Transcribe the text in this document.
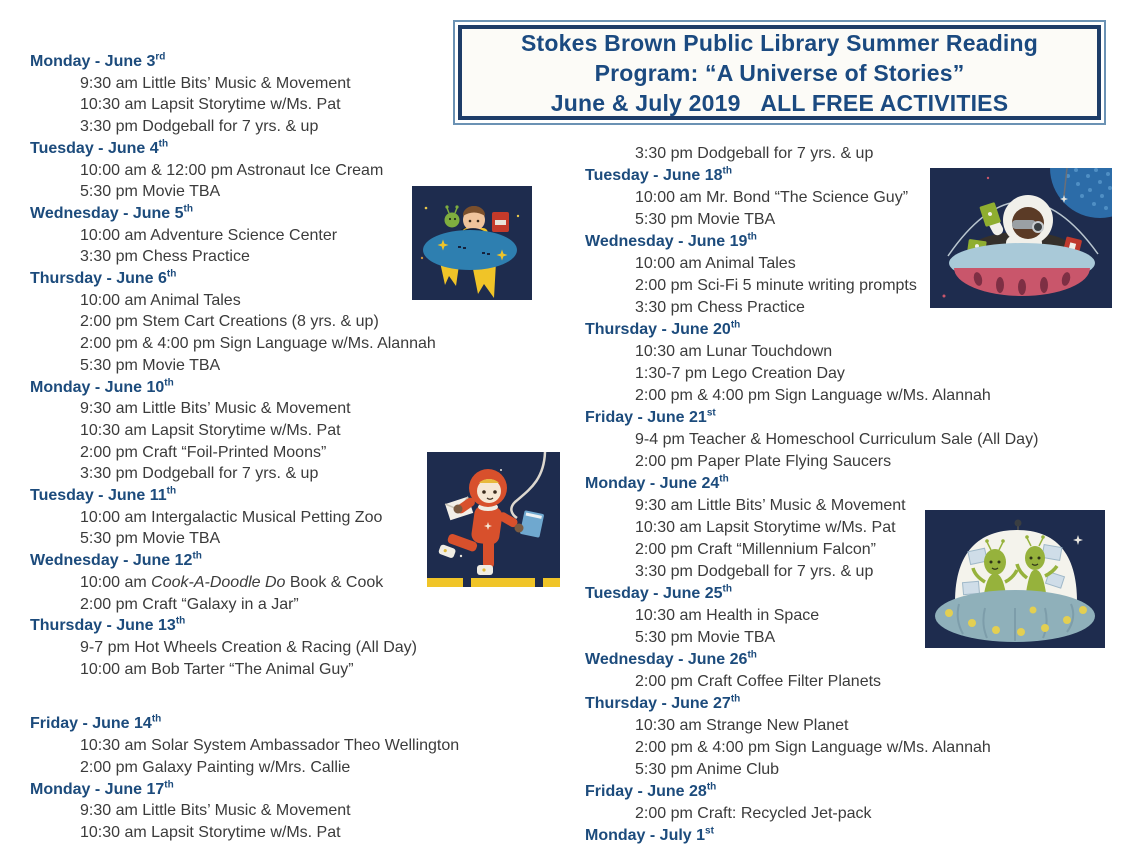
Stokes Brown Public Library Summer Reading
Program: “A Universe of Stories”
June & July 2019   ALL FREE ACTIVITIES
Monday - June 3rd
9:30 am Little Bits’ Music & Movement
10:30 am Lapsit Storytime w/Ms. Pat
3:30 pm Dodgeball for 7 yrs. & up
Tuesday - June 4th
10:00 am & 12:00 pm Astronaut Ice Cream
5:30 pm Movie TBA
Wednesday - June 5th
10:00 am Adventure Science Center
3:30 pm Chess Practice
Thursday - June 6th
10:00 am Animal Tales
2:00 pm Stem Cart Creations (8 yrs. & up)
2:00 pm & 4:00 pm Sign Language w/Ms. Alannah
5:30 pm Movie TBA
Monday - June 10th
9:30 am Little Bits’ Music & Movement
10:30 am Lapsit Storytime w/Ms. Pat
2:00 pm Craft “Foil-Printed Moons”
3:30 pm Dodgeball for 7 yrs. & up
Tuesday - June 11th
10:00 am Intergalactic Musical Petting Zoo
5:30 pm Movie TBA
Wednesday - June 12th
10:00 am Cook-A-Doodle Do Book & Cook
2:00 pm Craft “Galaxy in a Jar”
Thursday - June 13th
9-7 pm Hot Wheels Creation & Racing (All Day)
10:00 am Bob Tarter “The Animal Guy”
Friday - June 14th
10:30 am Solar System Ambassador Theo Wellington
2:00 pm Galaxy Painting w/Mrs. Callie
Monday - June 17th
9:30 am Little Bits’ Music & Movement
10:30 am Lapsit Storytime w/Ms. Pat
3:30 pm Dodgeball for 7 yrs. & up
Tuesday - June 18th
10:00 am Mr. Bond “The Science Guy”
5:30 pm Movie TBA
Wednesday - June 19th
10:00 am Animal Tales
2:00 pm Sci-Fi 5 minute writing prompts
3:30 pm Chess Practice
Thursday - June 20th
10:30 am Lunar Touchdown
1:30-7 pm Lego Creation Day
2:00 pm & 4:00 pm Sign Language w/Ms. Alannah
Friday - June 21st
9-4 pm Teacher & Homeschool Curriculum Sale (All Day)
2:00 pm Paper Plate Flying Saucers
Monday - June 24th
9:30 am Little Bits’ Music & Movement
10:30 am Lapsit Storytime w/Ms. Pat
2:00 pm Craft “Millennium Falcon”
3:30 pm Dodgeball for 7 yrs. & up
Tuesday - June 25th
10:30 am Health in Space
5:30 pm Movie TBA
Wednesday - June 26th
2:00 pm Craft Coffee Filter Planets
Thursday - June 27th
10:30 am Strange New Planet
2:00 pm & 4:00 pm Sign Language w/Ms. Alannah
5:30 pm Anime Club
Friday - June 28th
2:00 pm Craft: Recycled Jet-pack
Monday - July 1st
